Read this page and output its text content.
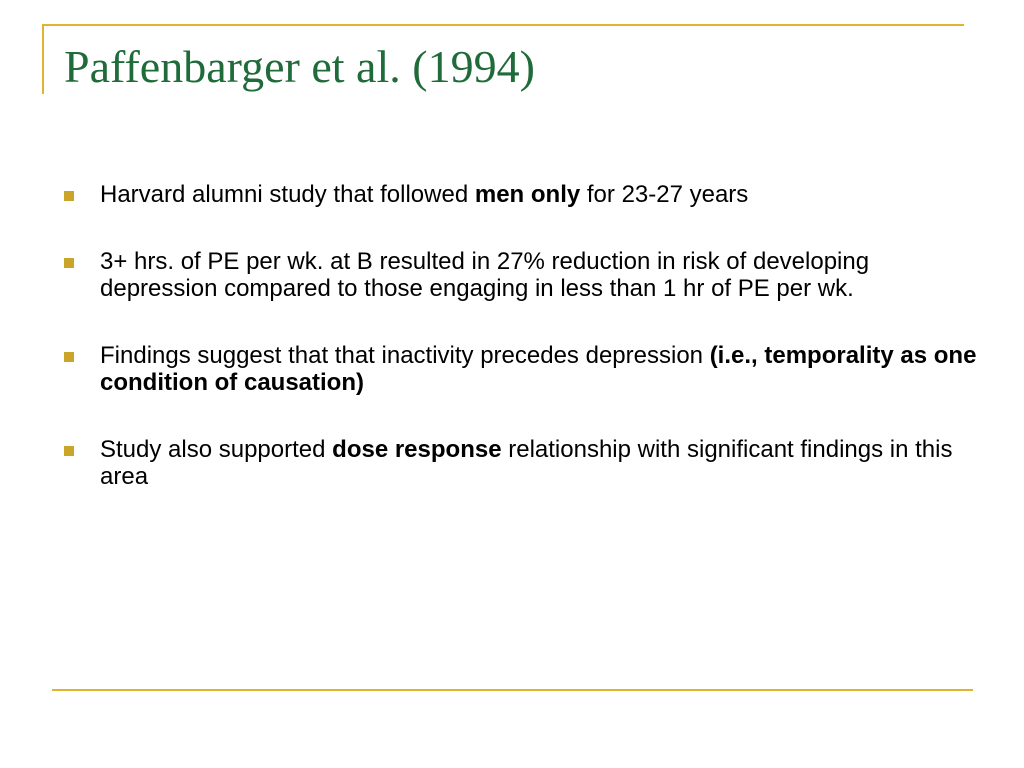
Paffenbarger et al. (1994)
Harvard alumni study that followed men only for 23-27 years
3+ hrs. of PE per wk. at B resulted in 27% reduction in risk of developing depression compared to those engaging in less than 1 hr of PE per wk.
Findings suggest that that inactivity precedes depression (i.e., temporality as one condition of causation)
Study also supported dose response relationship with significant findings in this area
